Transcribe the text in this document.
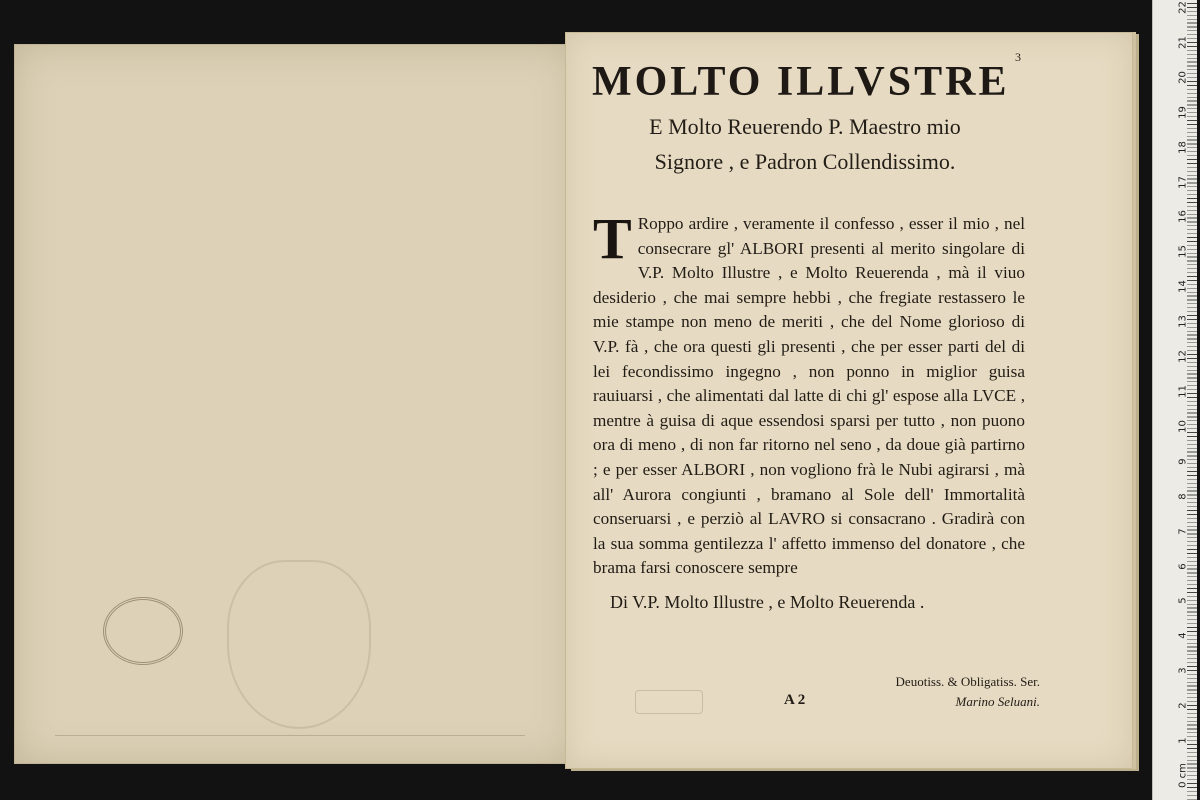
3
MOLTO ILLVSTRE
E Molto Reuerendo P. Maestro mio
Signore , e Padron Collendissimo.
T Roppo ardire , veramente il confesso , esser il mio , nel consecrare gl' ALBORI presenti al merito singolare di V.P. Molto Illustre , e Molto Reuerenda , mà il viuo desiderio , che mai sempre hebbi , che fregiate restassero le mie stampe non meno de meriti , che del Nome glorioso di V.P. fà , che ora questi gli presenti , che per esser parti del di lei fecondissimo ingegno , non ponno in miglior guisa rauiuarsi , che alimentati dal latte di chi gl' espose alla LVCE , mentre à guisa di aque essendosi sparsi per tutto , non puono ora di meno , di non far ritorno nel seno , da doue già partirno ; e per esser ALBORI , non vogliono frà le Nubi agirarsi , mà all' Aurora congiunti , bramano al Sole dell' Immortalità conseruarsi , e perziò al LAVRO si consacrano . Gradirà con la sua somma gentilezza l' affetto immenso del donatore , che brama farsi conoscere sempre
Di V.P. Molto Illustre , e Molto Reuerenda .
A 2
Deuotiss. & Obligatiss. Ser.
Marino Seluani.
22
21
20
19
18
17
16
15
14
13
12
11
10
9
8
7
6
5
4
3
2
1
0 cm
